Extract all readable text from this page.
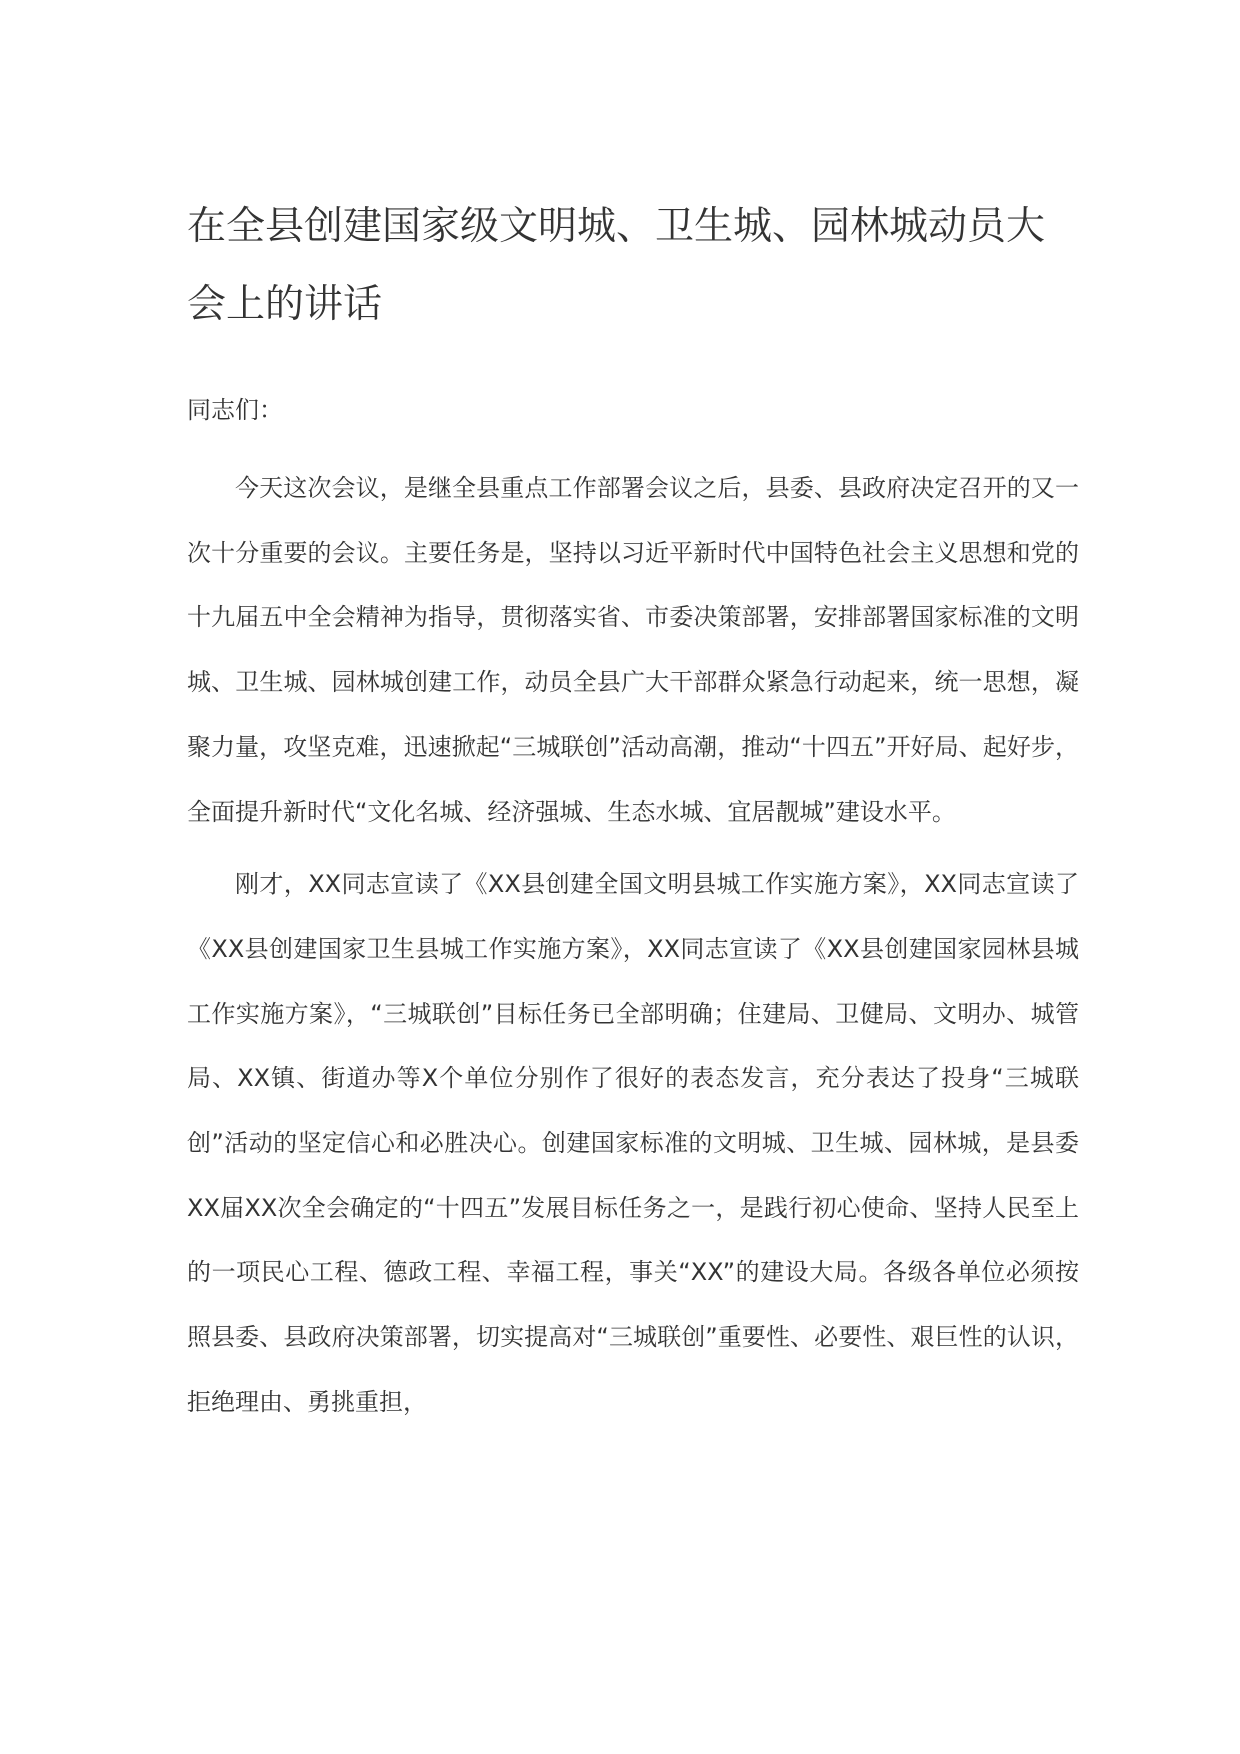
在全县创建国家级文明城、卫生城、园林城动员大会上的讲话

同志们：

今天这次会议，是继全县重点工作部署会议之后，县委、县政府决定召开的又一次十分重要的会议。主要任务是，坚持以习近平新时代中国特色社会主义思想和党的十九届五中全会精神为指导，贯彻落实省、市委决策部署，安排部署国家标准的文明城、卫生城、园林城创建工作，动员全县广大干部群众紧急行动起来，统一思想，凝聚力量，攻坚克难，迅速掀起“三城联创”活动高潮，推动“十四五”开好局、起好步，全面提升新时代“文化名城、经济强城、生态水城、宜居靓城”建设水平。

刚才，XX同志宣读了《XX县创建全国文明县城工作实施方案》，XX同志宣读了《XX县创建国家卫生县城工作实施方案》，XX同志宣读了《XX县创建国家园林县城工作实施方案》，“三城联创”目标任务已全部明确；住建局、卫健局、文明办、城管局、XX镇、街道办等X个单位分别作了很好的表态发言，充分表达了投身“三城联创”活动的坚定信心和必胜决心。创建国家标准的文明城、卫生城、园林城，是县委XX届XX次全会确定的“十四五”发展目标任务之一，是践行初心使命、坚持人民至上的一项民心工程、德政工程、幸福工程，事关“XX”的建设大局。各级各单位必须按照县委、县政府决策部署，切实提高对“三城联创”重要性、必要性、艰巨性的认识，拒绝理由、勇挑重担，
